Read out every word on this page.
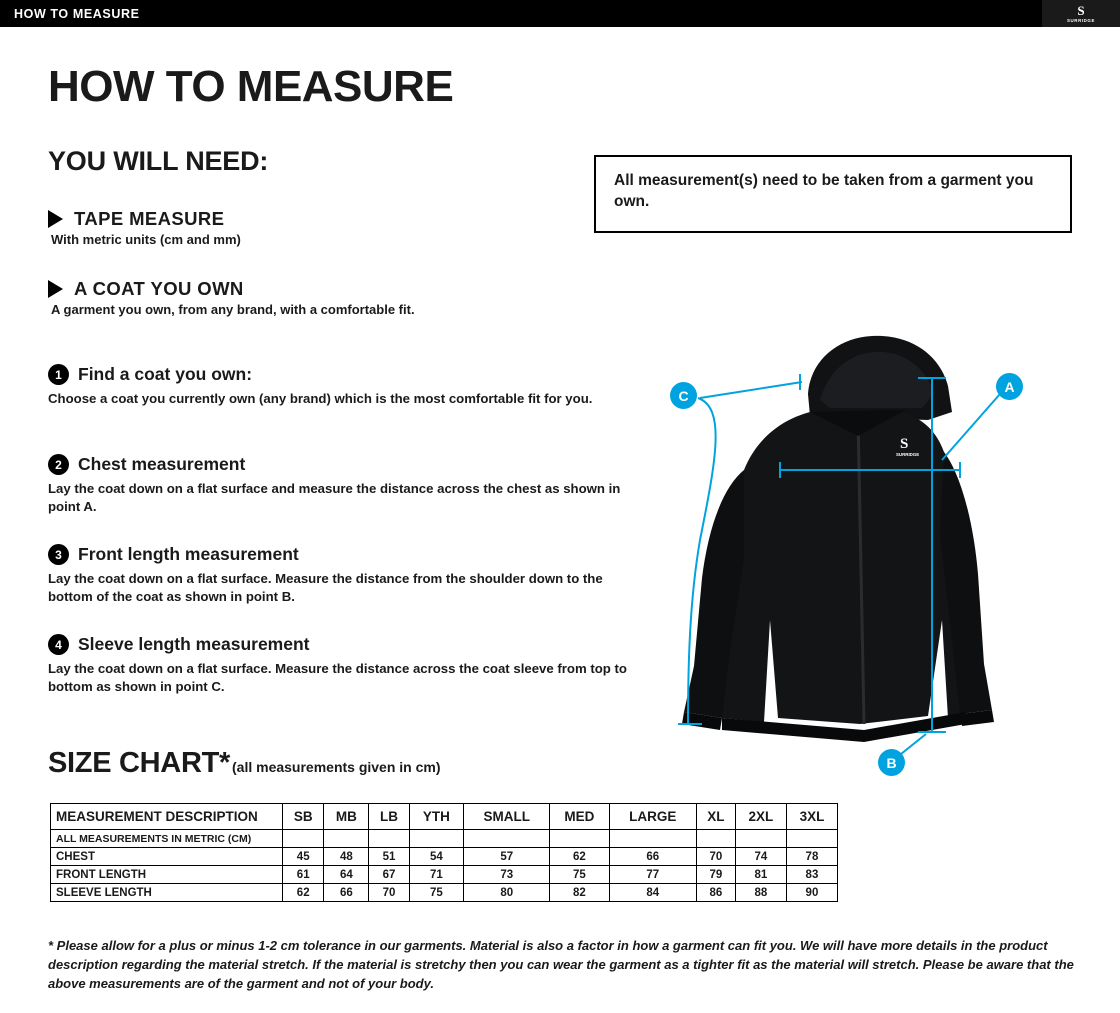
HOW TO MEASURE	S
SURRIDGE
HOW TO MEASURE
YOU WILL NEED:
TAPE MEASURE
With metric units (cm and mm)
A COAT YOU OWN
A garment you own, from any brand, with a comfortable fit.

All measurement(s) need to be taken from a garment you own.

1 Find a coat you own:
Choose a coat you currently own (any brand) which is the most comfortable fit for you.
2 Chest measurement
Lay the coat down on a flat surface and measure the distance across the chest as shown in point A.
3 Front length measurement
Lay the coat down on a flat surface. Measure the distance from the shoulder down to the bottom of the coat as shown in point B.
4 Sleeve length measurement
Lay the coat down on a flat surface. Measure the distance across the coat sleeve from top to bottom as shown in point C.
S
SURRIDGE
A
B
C
SIZE CHART* (all measurements given in cm)
MEASUREMENT DESCRIPTION	SB	MB	LB	YTH	SMALL	MED	LARGE	XL	2XL	3XL
ALL MEASUREMENTS IN METRIC (CM)										
CHEST	45	48	51	54	57	62	66	70	74	78
FRONT LENGTH	61	64	67	71	73	75	77	79	81	83
SLEEVE LENGTH	62	66	70	75	80	82	84	86	88	90
* Please allow for a plus or minus 1-2 cm tolerance in our garments. Material is also a factor in how a garment can fit you. We will have more details in the product description regarding the material stretch. If the material is stretchy then you can wear the garment as a tighter fit as the material will stretch. Please be aware that the above measurements are of the garment and not of your body.
